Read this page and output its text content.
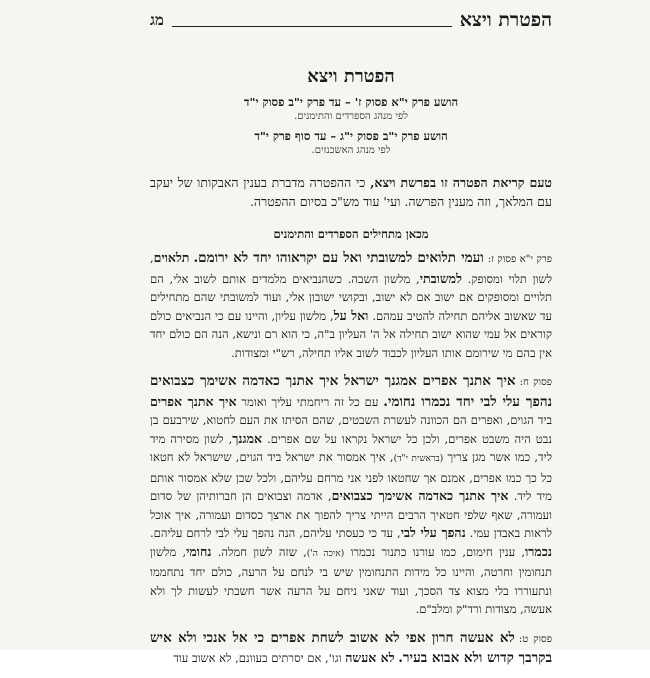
הפטרת ויצא
מג
הפטרת ויצא
הושע פרק י"א פסוק ז' – עד פרק י"ב פסוק י"ד
לפי מנהג הספרדים והתימנים.
הושע פרק י"ב פסוק י"ג – עד סוף פרק י"ד
לפי מנהג האשכנזים.
טעם קריאת הפטרה זו בפרשת ויצא, כי ההפטרה מדברת בענין האבקותו של יעקב עם המלאך, וזה מענין הפרשה. ועי' עוד מש"כ בסיום ההפטרה.
מכאן מתחילים הספרדים והתימנים
פרק י"א פסוק ז:ועמי תלואים למשובתי ואל עם יקראוהו יחד לא ירומם. תלאוים, לשון תלוי ומסופק. למשובתי, מלשון השבה. כשהנביאים מלמדים אותם לשוב אלי, הם תלויים ומסופקים אם ישוב אם לא ישוב, ובקושי ישובון אלי, ועוד למשובתי שהם מתחילים עד שאשוב אליהם תחילה להטיב עמהם. ואל על, מלשון עליון, והיינו עם כי הנביאים כולם קוראים אל עמי שהוא ישוב תחילה אל ה' העליון ב"ה, כי הוא רם ונישא, הנה הם כולם יחד אין בהם מי שירומם אותו העליון לכבוד לשוב אליו תחילה, רש"י ומצודות.
פסוק ח:איך אתנך אפרים אמגנך ישראל איך אתנך כאדמה אשימך כצבואים נהפך עלי לבי יחד נכמרו נחומי. עם כל זה ריחמתי עליך ואומר איך אתנך אפרים ביד הגוים, ואפרים הם הכוונה לעשרת השבטים, שהם הסיתו את העם לחטוא, שירבעם בן נבט היה משבט אפרים, ולכן כל ישראל נקראו על שם אפרים. אמגנך, לשון מסירה מיד ליד, כמו אשר מגן צריך (בראשית י"ד), איך אמסור את ישראל ביד הגוים, שישראל לא חטאו כל כך כמו אפרים, אמנם אך שחטאו לפני אני מרחם עליהם, ולכל שכן שלא אמסור אותם מיד ליד. איך אתנך כאדמה אשימך כצבואים, אדמה וצבואים הן חברותיהן של סדום ועמורה, שאף שלפי חטאיך הרבים הייתי צריך להפוך את ארצך כסדום ועמורה, איך אוכל לראות באבדן עמי. נהפך עלי לבי, עד כי כעסתי עליהם, הנה נהפך עלי לבי לרחם עליהם. נכמרו, ענין חימום, כמו עורנו כתנור נכמרו (איכה ה'), שזה לשון חמלה. נחומי, מלשון תנחומין וחרטה, והיינו כל מידות התנחומין שיש בי לנחם על הרעה, כולם יחד נתחממו ונתעוררו בלי מצוא צד הסכך, ועוד שאני ניחם על הרעה אשר חשבתי לעשות לך ולא אעשה, מצודות ורד"ק ומלב"ם.
פסוק ט:לא אעשה חרון אפי לא אשוב לשחת אפרים כי אל אנכי ולא איש בקרבך קדוש ולא אבוא בעיר. לא אעשה וגו', אם יסרתים בעוונם, לא אשוב עוד
